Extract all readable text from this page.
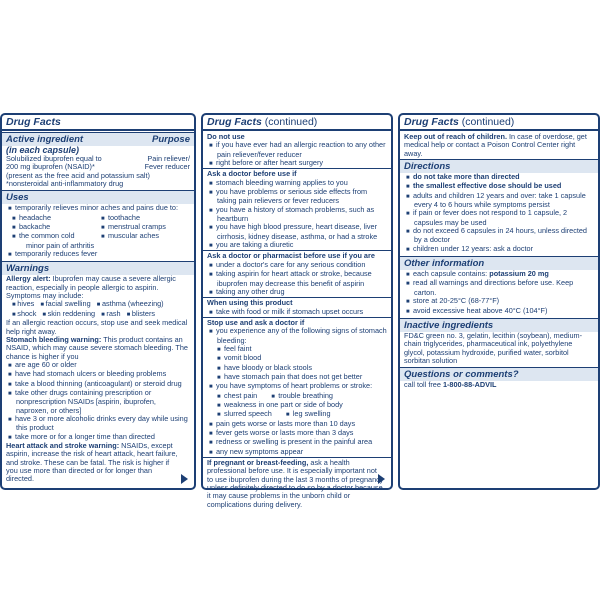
Drug Facts
Active ingredient	Purpose
(in each capsule)
Solubilized ibuprofen equal to	Pain reliever/
200 mg ibuprofen (NSAID)*	Fever reducer
(present as the free acid and potassium salt)
*nonsteroidal anti-inflammatory drug
Uses
■  temporarily relieves minor aches and pains due to:
■  headache	■  toothache
■  backache	■  menstrual cramps
■  the common cold	■  muscular aches
minor pain of arthritis
■  temporarily reduces fever
Warnings
Allergy alert: Ibuprofen may cause a severe allergic reaction, especially in people allergic to aspirin.
Symptoms may include:
■ hives	■ facial swelling	■ asthma (wheezing)
■ shock	■ skin reddening	■ rash	■ blisters
If an allergic reaction occurs, stop use and seek medical help right away.
Stomach bleeding warning: This product contains an NSAID, which may cause severe stomach bleeding. The chance is higher if you
■  are age 60 or older
■  have had stomach ulcers or bleeding problems
■  take a blood thinning (anticoagulant) or steroid drug
■  take other drugs containing prescription or nonprescription NSAIDs [aspirin, ibuprofen, naproxen, or others]
■  have 3 or more alcoholic drinks every day while using this product
■  take more or for a longer time than directed
Heart attack and stroke warning: NSAIDs, except aspirin, increase the risk of heart attack, heart failure, and stroke. These can be fatal. The risk is higher if you use more than directed or for longer than directed.
Drug Facts (continued)
Do not use
■  if you have ever had an allergic reaction to any other pain reliever/fever reducer
■  right before or after heart surgery
Ask a doctor before use if
■  stomach bleeding warning applies to you
■  you have problems or serious side effects from taking pain relievers or fever reducers
■  you have a history of stomach problems, such as heartburn
■  you have high blood pressure, heart disease, liver cirrhosis, kidney disease, asthma, or had a stroke
■  you are taking a diuretic
Ask a doctor or pharmacist before use if you are
■  under a doctor's care for any serious condition
■  taking aspirin for heart attack or stroke, because ibuprofen may decrease this benefit of aspirin
■  taking any other drug
When using this product
■  take with food or milk if stomach upset occurs
Stop use and ask a doctor if
■  you experience any of the following signs of stomach bleeding:
■  feel faint
■  vomit blood
■  have bloody or black stools
■  have stomach pain that does not get better
■  you have symptoms of heart problems or stroke:
■  chest pain	■  trouble breathing
■  weakness in one part or side of body
■  slurred speech	■  leg swelling
■  pain gets worse or lasts more than 10 days
■  fever gets worse or lasts more than 3 days
■  redness or swelling is present in the painful area
■  any new symptoms appear
If pregnant or breast-feeding, ask a health professional before use. It is especially important not to use ibuprofen during the last 3 months of pregnancy unless definitely directed to do so by a doctor because it may cause problems in the unborn child or complications during delivery.
Drug Facts (continued)
Keep out of reach of children. In case of overdose, get medical help or contact a Poison Control Center right away.
Directions
■  do not take more than directed
■  the smallest effective dose should be used
■  adults and children 12 years and over: take 1 capsule every 4 to 6 hours while symptoms persist
■  if pain or fever does not respond to 1 capsule, 2 capsules may be used
■  do not exceed 6 capsules in 24 hours, unless directed by a doctor
■  children under 12 years: ask a doctor
Other information
■  each capsule contains: potassium 20 mg
■  read all warnings and directions before use. Keep carton.
■  store at 20-25°C (68-77°F)
■  avoid excessive heat above 40°C (104°F)
Inactive ingredients
FD&C green no. 3, gelatin, lecithin (soybean), medium-chain triglycerides, pharmaceutical ink, polyethylene glycol, potassium hydroxide, purified water, sorbitol sorbitan solution
Questions or comments?
call toll free 1-800-88-ADVIL
